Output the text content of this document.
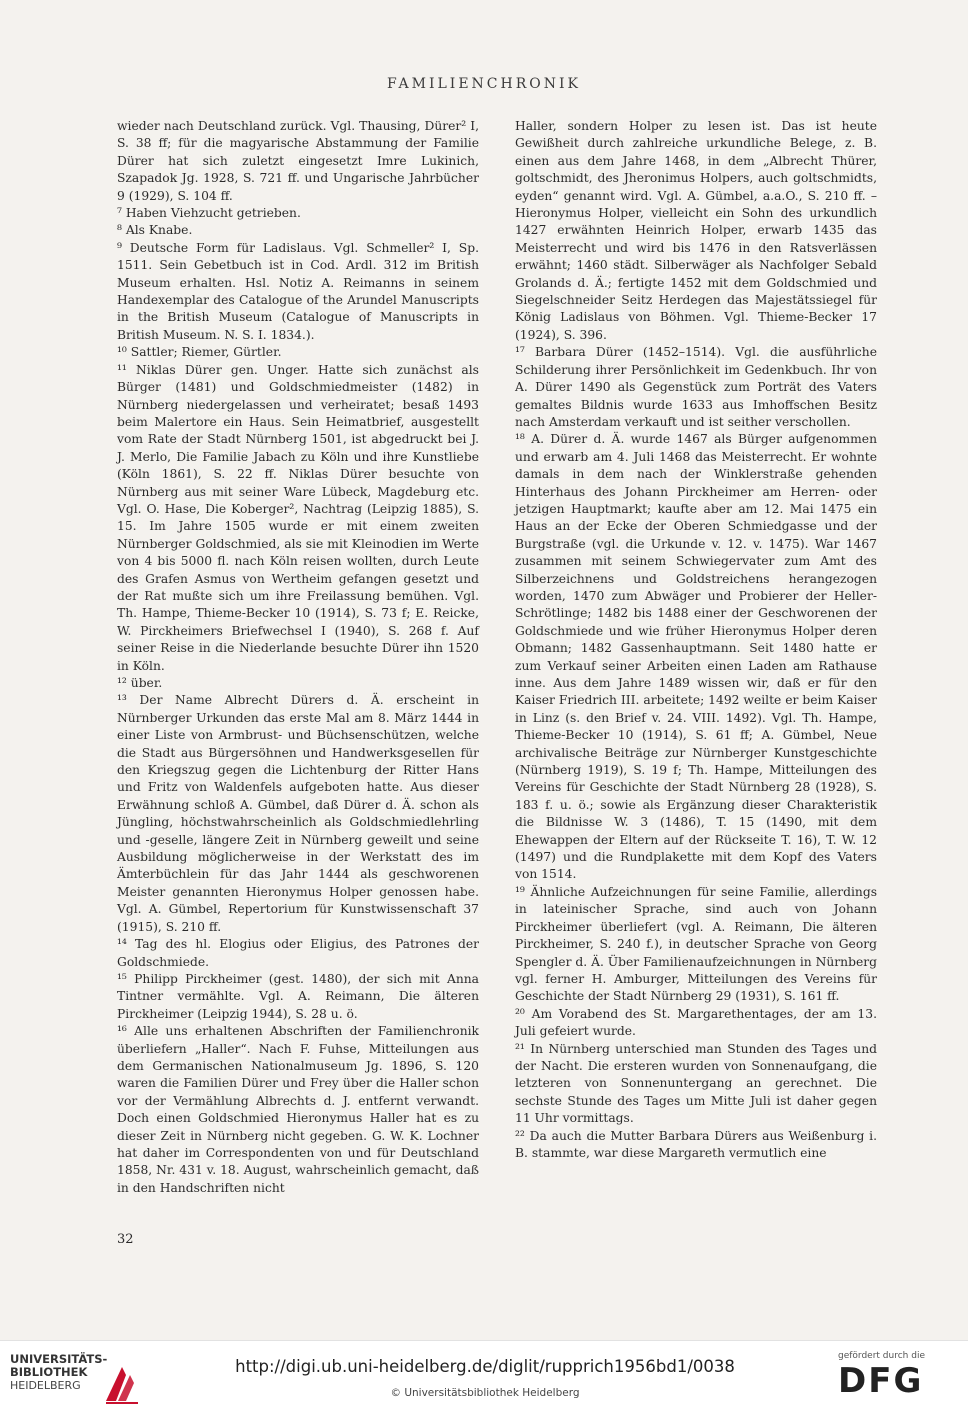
FAMILIENCHRONIK

wieder nach Deutschland zurück. Vgl. Thausing, Dürer² I, S. 38 ff; für die magyarische Abstammung der Familie Dürer hat sich zuletzt eingesetzt Imre Lukinich, Szapadok Jg. 1928, S. 721 ff. und Ungarische Jahrbücher 9 (1929), S. 104 ff.

⁷ Haben Viehzucht getrieben.

⁸ Als Knabe.

⁹ Deutsche Form für Ladislaus. Vgl. Schmeller² I, Sp. 1511. Sein Gebetbuch ist in Cod. Ardl. 312 im British Museum erhalten. Hsl. Notiz A. Reimanns in seinem Handexemplar des Catalogue of the Arundel Manuscripts in the British Museum (Catalogue of Manuscripts in British Museum. N. S. I. 1834.).

¹⁰ Sattler; Riemer, Gürtler.

¹¹ Niklas Dürer gen. Unger. Hatte sich zunächst als Bürger (1481) und Goldschmiedmeister (1482) in Nürnberg niedergelassen und verheiratet; besaß 1493 beim Malertore ein Haus. Sein Heimatbrief, ausgestellt vom Rate der Stadt Nürnberg 1501, ist abgedruckt bei J. J. Merlo, Die Familie Jabach zu Köln und ihre Kunstliebe (Köln 1861), S. 22 ff. Niklas Dürer besuchte von Nürnberg aus mit seiner Ware Lübeck, Magdeburg etc. Vgl. O. Hase, Die Koberger², Nachtrag (Leipzig 1885), S. 15. Im Jahre 1505 wurde er mit einem zweiten Nürnberger Goldschmied, als sie mit Kleinodien im Werte von 4 bis 5000 fl. nach Köln reisen wollten, durch Leute des Grafen Asmus von Wertheim gefangen gesetzt und der Rat mußte sich um ihre Freilassung bemühen. Vgl. Th. Hampe, Thieme-Becker 10 (1914), S. 73 f; E. Reicke, W. Pirckheimers Briefwechsel I (1940), S. 268 f. Auf seiner Reise in die Niederlande besuchte Dürer ihn 1520 in Köln.

¹² über.

¹³ Der Name Albrecht Dürers d. Ä. erscheint in Nürnberger Urkunden das erste Mal am 8. März 1444 in einer Liste von Armbrust- und Büchsenschützen, welche die Stadt aus Bürgersöhnen und Handwerksgesellen für den Kriegszug gegen die Lichtenburg der Ritter Hans und Fritz von Waldenfels aufgeboten hatte. Aus dieser Erwähnung schloß A. Gümbel, daß Dürer d. Ä. schon als Jüngling, höchstwahrscheinlich als Goldschmiedlehrling und -geselle, längere Zeit in Nürnberg geweilt und seine Ausbildung möglicherweise in der Werkstatt des im Ämterbüchlein für das Jahr 1444 als geschworenen Meister genannten Hieronymus Holper genossen habe. Vgl. A. Gümbel, Repertorium für Kunstwissenschaft 37 (1915), S. 210 ff.

¹⁴ Tag des hl. Elogius oder Eligius, des Patrones der Goldschmiede.

¹⁵ Philipp Pirckheimer (gest. 1480), der sich mit Anna Tintner vermählte. Vgl. A. Reimann, Die älteren Pirckheimer (Leipzig 1944), S. 28 u. ö.

¹⁶ Alle uns erhaltenen Abschriften der Familienchronik überliefern „Haller“. Nach F. Fuhse, Mitteilungen aus dem Germanischen Nationalmuseum Jg. 1896, S. 120 waren die Familien Dürer und Frey über die Haller schon vor der Vermählung Albrechts d. J. entfernt verwandt. Doch einen Goldschmied Hieronymus Haller hat es zu dieser Zeit in Nürnberg nicht gegeben. G. W. K. Lochner hat daher im Correspondenten von und für Deutschland 1858, Nr. 431 v. 18. August, wahrscheinlich gemacht, daß in den Handschriften nicht

Haller, sondern Holper zu lesen ist. Das ist heute Gewißheit durch zahlreiche urkundliche Belege, z. B. einen aus dem Jahre 1468, in dem „Albrecht Thürer, goltschmidt, des Jheronimus Holpers, auch goltschmidts, eyden“ genannt wird. Vgl. A. Gümbel, a.a.O., S. 210 ff. – Hieronymus Holper, vielleicht ein Sohn des urkundlich 1427 erwähnten Heinrich Holper, erwarb 1435 das Meisterrecht und wird bis 1476 in den Ratsverlässen erwähnt; 1460 städt. Silberwäger als Nachfolger Sebald Grolands d. Ä.; fertigte 1452 mit dem Goldschmied und Siegelschneider Seitz Herdegen das Majestätssiegel für König Ladislaus von Böhmen. Vgl. Thieme-Becker 17 (1924), S. 396.

¹⁷ Barbara Dürer (1452–1514). Vgl. die ausführliche Schilderung ihrer Persönlichkeit im Gedenkbuch. Ihr von A. Dürer 1490 als Gegenstück zum Porträt des Vaters gemaltes Bildnis wurde 1633 aus Imhoffschen Besitz nach Amsterdam verkauft und ist seither verschollen.

¹⁸ A. Dürer d. Ä. wurde 1467 als Bürger aufgenommen und erwarb am 4. Juli 1468 das Meisterrecht. Er wohnte damals in dem nach der Winklerstraße gehenden Hinterhaus des Johann Pirckheimer am Herren- oder jetzigen Hauptmarkt; kaufte aber am 12. Mai 1475 ein Haus an der Ecke der Oberen Schmiedgasse und der Burgstraße (vgl. die Urkunde v. 12. v. 1475). War 1467 zusammen mit seinem Schwiegervater zum Amt des Silberzeichnens und Goldstreichens herangezogen worden, 1470 zum Abwäger und Probierer der Heller-Schrötlinge; 1482 bis 1488 einer der Geschworenen der Goldschmiede und wie früher Hieronymus Holper deren Obmann; 1482 Gassenhauptmann. Seit 1480 hatte er zum Verkauf seiner Arbeiten einen Laden am Rathause inne. Aus dem Jahre 1489 wissen wir, daß er für den Kaiser Friedrich III. arbeitete; 1492 weilte er beim Kaiser in Linz (s. den Brief v. 24. VIII. 1492). Vgl. Th. Hampe, Thieme-Becker 10 (1914), S. 61 ff; A. Gümbel, Neue archivalische Beiträge zur Nürnberger Kunstgeschichte (Nürnberg 1919), S. 19 f; Th. Hampe, Mitteilungen des Vereins für Geschichte der Stadt Nürnberg 28 (1928), S. 183 f. u. ö.; sowie als Ergänzung dieser Charakteristik die Bildnisse W. 3 (1486), T. 15 (1490, mit dem Ehewappen der Eltern auf der Rückseite T. 16), T. W. 12 (1497) und die Rundplakette mit dem Kopf des Vaters von 1514.

¹⁹ Ähnliche Aufzeichnungen für seine Familie, allerdings in lateinischer Sprache, sind auch von Johann Pirckheimer überliefert (vgl. A. Reimann, Die älteren Pirckheimer, S. 240 f.), in deutscher Sprache von Georg Spengler d. Ä. Über Familienaufzeichnungen in Nürnberg vgl. ferner H. Amburger, Mitteilungen des Vereins für Geschichte der Stadt Nürnberg 29 (1931), S. 161 ff.

²⁰ Am Vorabend des St. Margarethentages, der am 13. Juli gefeiert wurde.

²¹ In Nürnberg unterschied man Stunden des Tages und der Nacht. Die ersteren wurden von Sonnenaufgang, die letzteren von Sonnenuntergang an gerechnet. Die sechste Stunde des Tages um Mitte Juli ist daher gegen 11 Uhr vormittags.

²² Da auch die Mutter Barbara Dürers aus Weißenburg i. B. stammte, war diese Margareth vermutlich eine

32
UNIVERSITÄTS-
BIBLIOTHEK
HEIDELBERG
http://digi.ub.uni-heidelberg.de/diglit/rupprich1956bd1/0038
© Universitätsbibliothek Heidelberg
gefördert durch die
DFG
